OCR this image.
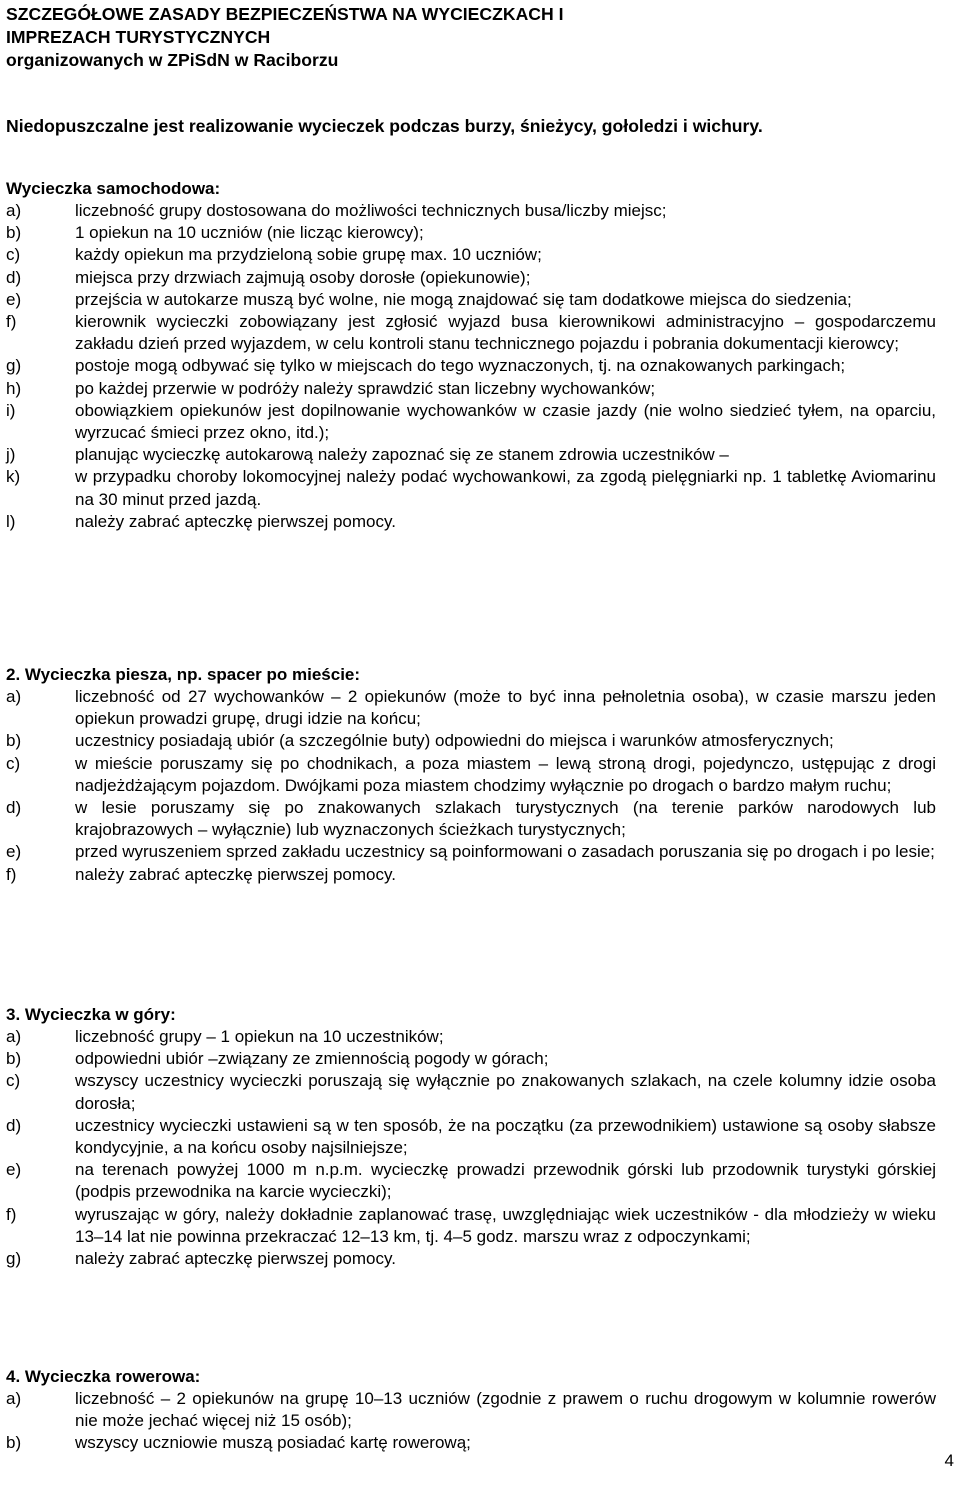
SZCZEGÓŁOWE ZASADY BEZPIECZEŃSTWA NA WYCIECZKACH I
IMPREZACH TURYSTYCZNYCH
organizowanych w ZPiSdN w Raciborzu

Niedopuszczalne jest realizowanie wycieczek podczas burzy, śnieżycy, gołoledzi i wichury.

Wycieczka samochodowa:

a)	liczebność grupy dostosowana do możliwości technicznych busa/liczby miejsc;
b)	1 opiekun na 10 uczniów (nie licząc kierowcy);
c)	każdy opiekun ma przydzieloną sobie grupę max. 10 uczniów;
d)	miejsca przy drzwiach zajmują osoby dorosłe (opiekunowie);
e)	przejścia w autokarze muszą być wolne, nie mogą znajdować się tam dodatkowe miejsca do siedzenia;
f)	kierownik wycieczki zobowiązany jest zgłosić wyjazd busa kierownikowi administracyjno – gospodarczemu zakładu dzień przed wyjazdem, w celu kontroli stanu technicznego pojazdu i pobrania dokumentacji kierowcy;
g)	postoje mogą odbywać się tylko w miejscach do tego wyznaczonych, tj. na oznakowanych parkingach;
h)	po każdej przerwie w podróży należy sprawdzić stan liczebny wychowanków;
i)	obowiązkiem opiekunów jest dopilnowanie wychowanków w czasie jazdy (nie wolno siedzieć tyłem, na oparciu, wyrzucać śmieci przez okno, itd.);
j)	planując wycieczkę autokarową należy zapoznać się ze stanem zdrowia uczestników –
k)	w przypadku choroby lokomocyjnej należy podać wychowankowi, za zgodą pielęgniarki np. 1 tabletkę Aviomarinu na 30 minut przed jazdą.
l)	należy zabrać apteczkę pierwszej pomocy.

2. Wycieczka piesza, np. spacer po mieście:

a)	liczebność od 27 wychowanków – 2 opiekunów (może to być inna pełnoletnia osoba), w czasie marszu jeden opiekun prowadzi grupę, drugi idzie na końcu;
b)	uczestnicy posiadają ubiór (a szczególnie buty) odpowiedni do miejsca i warunków atmosferycznych;
c)	w mieście poruszamy się po chodnikach, a poza miastem – lewą stroną drogi, pojedynczo, ustępując z drogi nadjeżdżającym pojazdom. Dwójkami poza miastem chodzimy wyłącznie po drogach o bardzo małym ruchu;
d)	w lesie poruszamy się po znakowanych szlakach turystycznych (na terenie parków narodowych lub krajobrazowych – wyłącznie) lub wyznaczonych ścieżkach turystycznych;
e)	przed wyruszeniem sprzed zakładu uczestnicy są poinformowani o zasadach poruszania się po drogach i po lesie;
f)	należy zabrać apteczkę pierwszej pomocy.

3. Wycieczka w góry:

a)	liczebność grupy – 1 opiekun na 10 uczestników;
b)	odpowiedni ubiór –związany ze zmiennością pogody w górach;
c)	wszyscy uczestnicy wycieczki poruszają się wyłącznie po znakowanych szlakach, na czele kolumny idzie osoba dorosła;
d)	uczestnicy wycieczki ustawieni są w ten sposób, że na początku (za przewodnikiem) ustawione są osoby słabsze kondycyjnie, a na końcu osoby najsilniejsze;
e)	na terenach powyżej 1000 m n.p.m. wycieczkę prowadzi przewodnik górski lub przodownik turystyki górskiej (podpis przewodnika na karcie wycieczki);
f)	wyruszając w góry, należy dokładnie zaplanować trasę, uwzględniając wiek uczestników - dla młodzieży w wieku 13–14 lat nie powinna przekraczać 12–13 km, tj. 4–5 godz. marszu wraz z odpoczynkami;
g)	należy zabrać apteczkę pierwszej pomocy.

4. Wycieczka rowerowa:

a)	liczebność – 2 opiekunów na grupę 10–13 uczniów (zgodnie z prawem o ruchu drogowym w kolumnie rowerów nie może jechać więcej niż 15 osób);
b)	wszyscy uczniowie muszą posiadać kartę rowerową;

4
